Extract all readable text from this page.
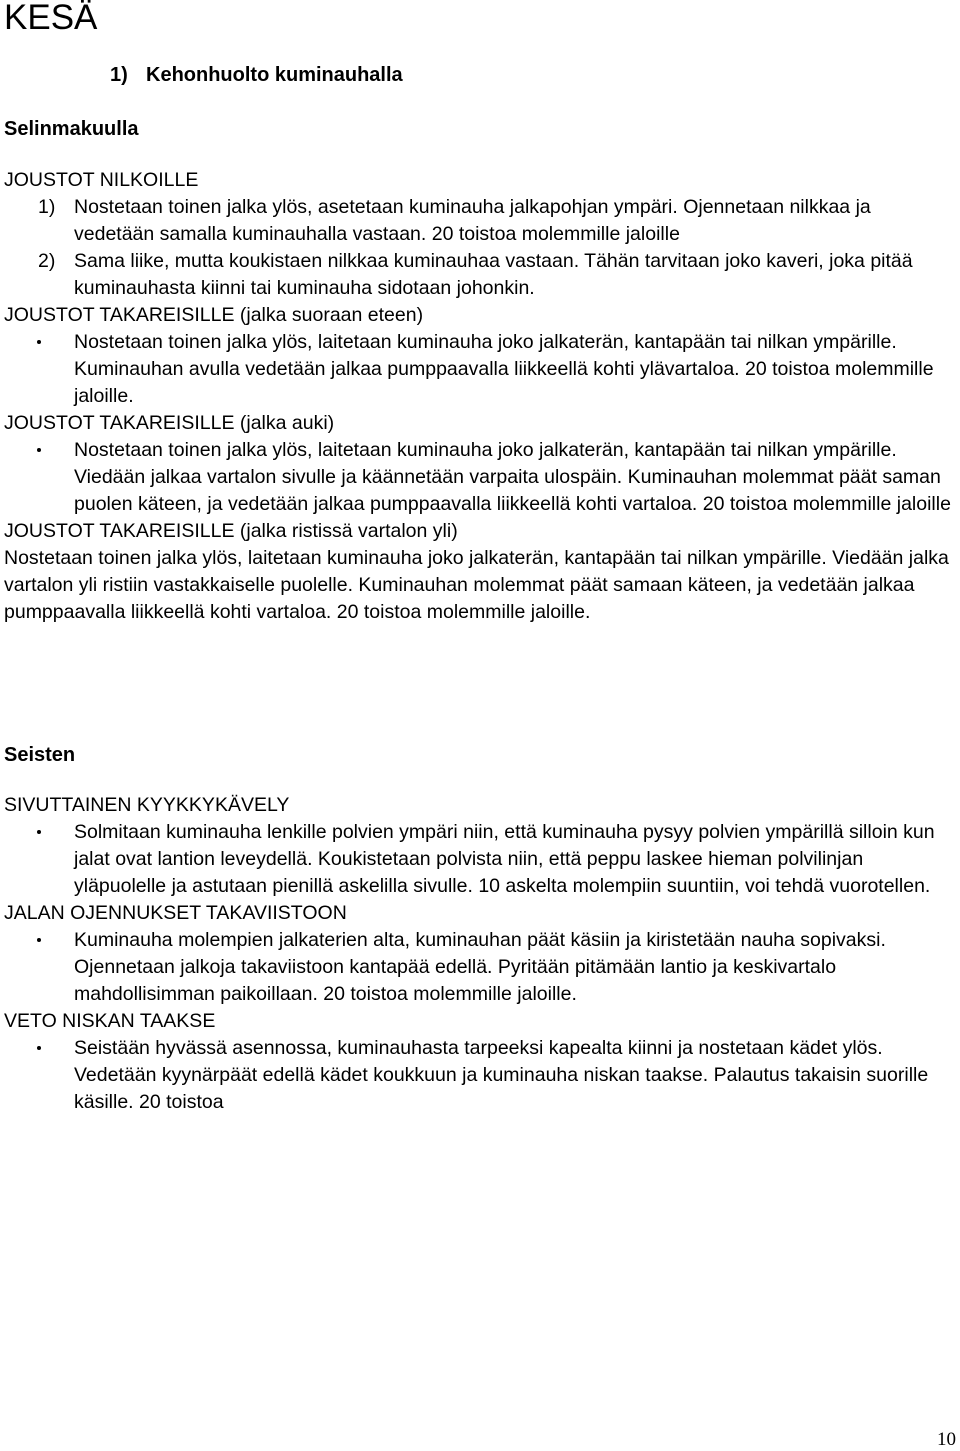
KESÄ
1) Kehonhuolto kuminauhalla
Selinmakuulla

JOUSTOT NILKOILLE

1) Nostetaan toinen jalka ylös, asetetaan kuminauha jalkapohjan ympäri. Ojennetaan nilkkaa ja vedetään samalla kuminauhalla vastaan. 20 toistoa molemmille jaloille

2) Sama liike, mutta koukistaen nilkkaa kuminauhaa vastaan. Tähän tarvitaan joko kaveri, joka pitää kuminauhasta kiinni tai kuminauha sidotaan johonkin.

JOUSTOT TAKAREISILLE (jalka suoraan eteen)

Nostetaan toinen jalka ylös, laitetaan kuminauha joko jalkaterän, kantapään tai nilkan ympärille. Kuminauhan avulla vedetään jalkaa pumppaavalla liikkeellä kohti ylävartaloa. 20 toistoa molemmille jaloille.

JOUSTOT TAKAREISILLE (jalka auki)

Nostetaan toinen jalka ylös, laitetaan kuminauha joko jalkaterän, kantapään tai nilkan ympärille. Viedään jalkaa vartalon sivulle ja käännetään varpaita ulospäin. Kuminauhan molemmat päät saman puolen käteen, ja vedetään jalkaa pumppaavalla liikkeellä kohti vartaloa. 20 toistoa molemmille jaloille

JOUSTOT TAKAREISILLE (jalka ristissä vartalon yli)

Nostetaan toinen jalka ylös, laitetaan kuminauha joko jalkaterän, kantapään tai nilkan ympärille. Viedään jalka vartalon yli ristiin vastakkaiselle puolelle. Kuminauhan molemmat päät samaan käteen, ja vedetään jalkaa pumppaavalla liikkeellä kohti vartaloa. 20 toistoa molemmille jaloille.

Seisten

SIVUTTAINEN KYYKKYKÄVELY

Solmitaan kuminauha lenkille polvien ympäri niin, että kuminauha pysyy polvien ympärillä silloin kun jalat ovat lantion leveydellä. Koukistetaan polvista niin, että peppu laskee hieman polvilinjan yläpuolelle ja astutaan pienillä askelilla sivulle. 10 askelta molempiin suuntiin, voi tehdä vuorotellen.

JALAN OJENNUKSET TAKAVIISTOON

Kuminauha molempien jalkaterien alta, kuminauhan päät käsiin ja kiristetään nauha sopivaksi. Ojennetaan jalkoja takaviistoon kantapää edellä. Pyritään pitämään lantio ja keskivartalo mahdollisimman paikoillaan. 20 toistoa molemmille jaloille.

VETO NISKAN TAAKSE

Seistään hyvässä asennossa, kuminauhasta tarpeeksi kapealta kiinni ja nostetaan kädet ylös. Vedetään kyynärpäät edellä kädet koukkuun ja kuminauha niskan taakse. Palautus takaisin suorille käsille. 20 toistoa

10
